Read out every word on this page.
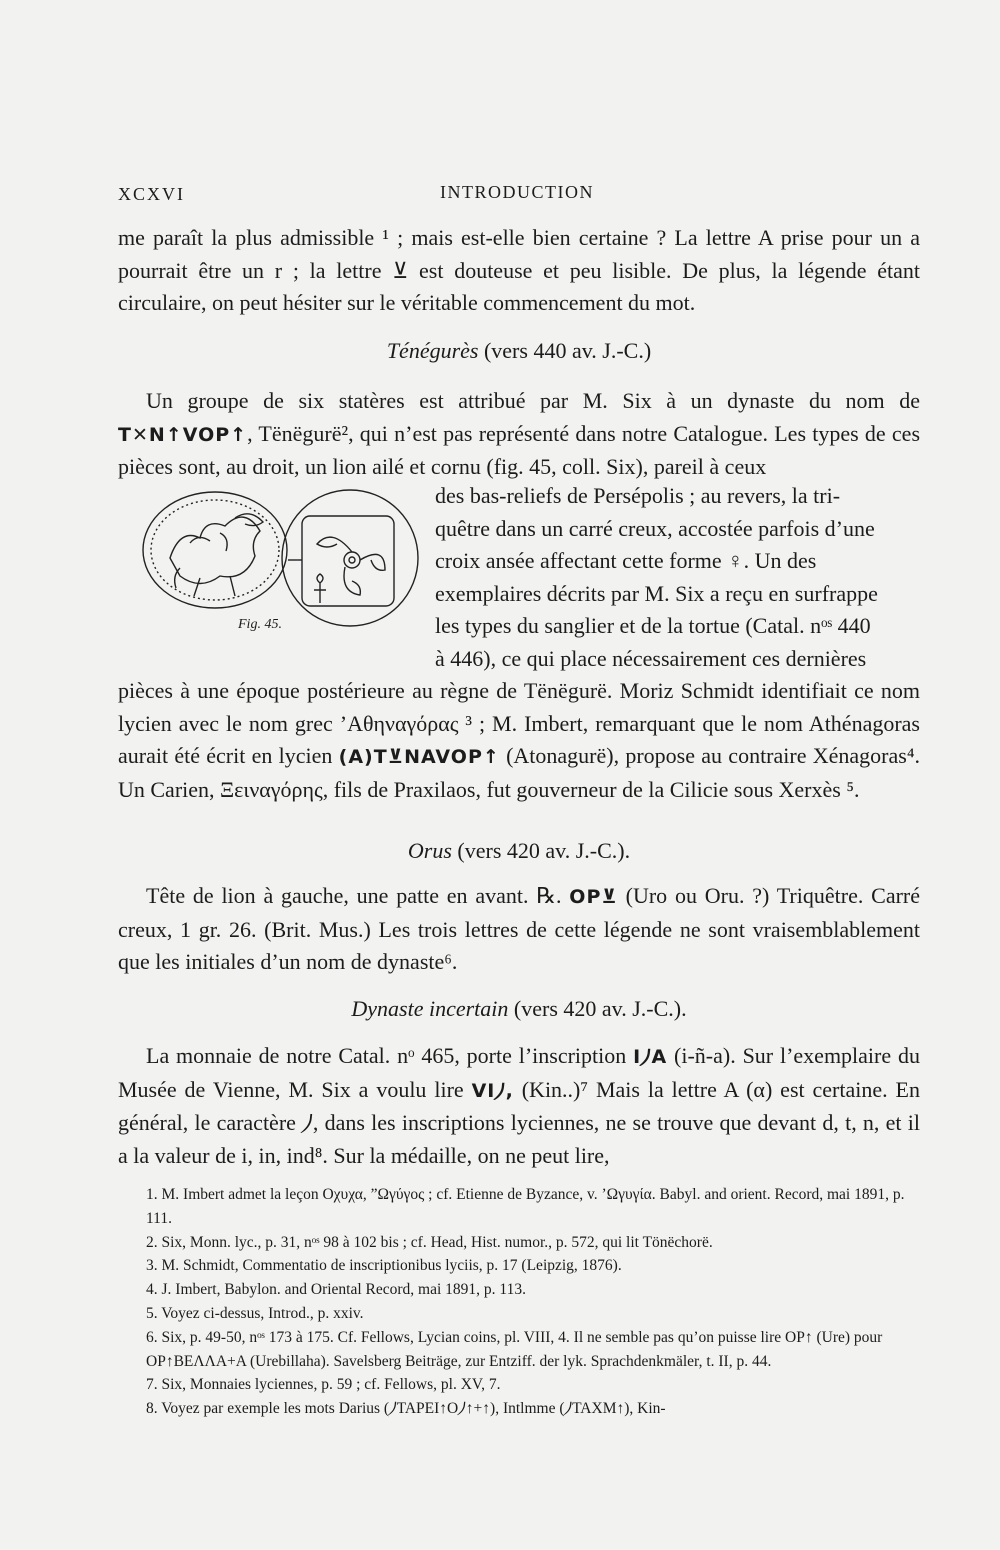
XCXVI	INTRODUCTION

me paraît la plus admissible ¹ ; mais est-elle bien certaine ? La lettre A prise pour un a pourrait être un r ; la lettre ⊻ est douteuse et peu lisible. De plus, la légende étant circulaire, on peut hésiter sur le véritable commencement du mot.

Ténégurès (vers 440 av. J.-C.)

Un groupe de six statères est attribué par M. Six à un dynaste du nom de T✕N↑VOP↑, Tënëgurë², qui n’est pas représenté dans notre Catalogue. Les types de ces pièces sont, au droit, un lion ailé et cornu (fig. 45, coll. Six), pareil à ceux

Fig. 45.
des bas-reliefs de Persépolis ; au revers, la tri-
quêtre dans un carré creux, accostée parfois d’une
croix ansée affectant cette forme ♀. Un des
exemplaires décrits par M. Six a reçu en surfrappe
les types du sanglier et de la tortue (Catal. nᵒˢ 440
à 446), ce qui place nécessairement ces dernières

pièces à une époque postérieure au règne de Tënëgurë. Moriz Schmidt identifiait ce nom lycien avec le nom grec ’Αθηναγόρας ³ ; M. Imbert, remarquant que le nom Athénagoras aurait été écrit en lycien (A)T⊻NAVOP↑ (Atonagurë), propose au contraire Xénagoras⁴. Un Carien, Ξειναγόρης, fils de Praxilaos, fut gouverneur de la Cilicie sous Xerxès ⁵.

Orus (vers 420 av. J.-C.).

Tête de lion à gauche, une patte en avant. ℞. OP⊻ (Uro ou Oru. ?) Triquêtre. Carré creux, 1 gr. 26. (Brit. Mus.) Les trois lettres de cette légende ne sont vraisemblablement que les initiales d’un nom de dynaste⁶.

Dynaste incertain (vers 420 av. J.-C.).

La monnaie de notre Catal. nᵒ 465, porte l’inscription I⵰A (i-ñ-a). Sur l’exemplaire du Musée de Vienne, M. Six a voulu lire VI⵰, (Kin..)⁷ Mais la lettre A (α) est certaine. En général, le caractère ⵰, dans les inscriptions lyciennes, ne se trouve que devant d, t, n, et il a la valeur de i, in, ind⁸. Sur la médaille, on ne peut lire,

1. M. Imbert admet la leçon Οχυχα, ”Ωγύγος ; cf. Etienne de Byzance, v. ’Ωγυγία. Babyl. and orient. Record, mai 1891, p. 111.
2. Six, Monn. lyc., p. 31, nᵒˢ 98 à 102 bis ; cf. Head, Hist. numor., p. 572, qui lit Tönëchorë.
3. M. Schmidt, Commentatio de inscriptionibus lyciis, p. 17 (Leipzig, 1876).
4. J. Imbert, Babylon. and Oriental Record, mai 1891, p. 113.
5. Voyez ci-dessus, Introd., p. xxiv.
6. Six, p. 49-50, nᵒˢ 173 à 175. Cf. Fellows, Lycian coins, pl. VIII, 4. Il ne semble pas qu’on puisse lire OP↑ (Ure) pour OP↑BEΛΛA+A (Urebillaha). Savelsberg Beiträge, zur Entziff. der lyk. Sprachdenkmäler, t. II, p. 44.
7. Six, Monnaies lyciennes, p. 59 ; cf. Fellows, pl. XV, 7.
8. Voyez par exemple les mots Darius (⵰TAPEI↑O⵰↑+↑), Intlmme (⵰TAXM↑), Kin-
